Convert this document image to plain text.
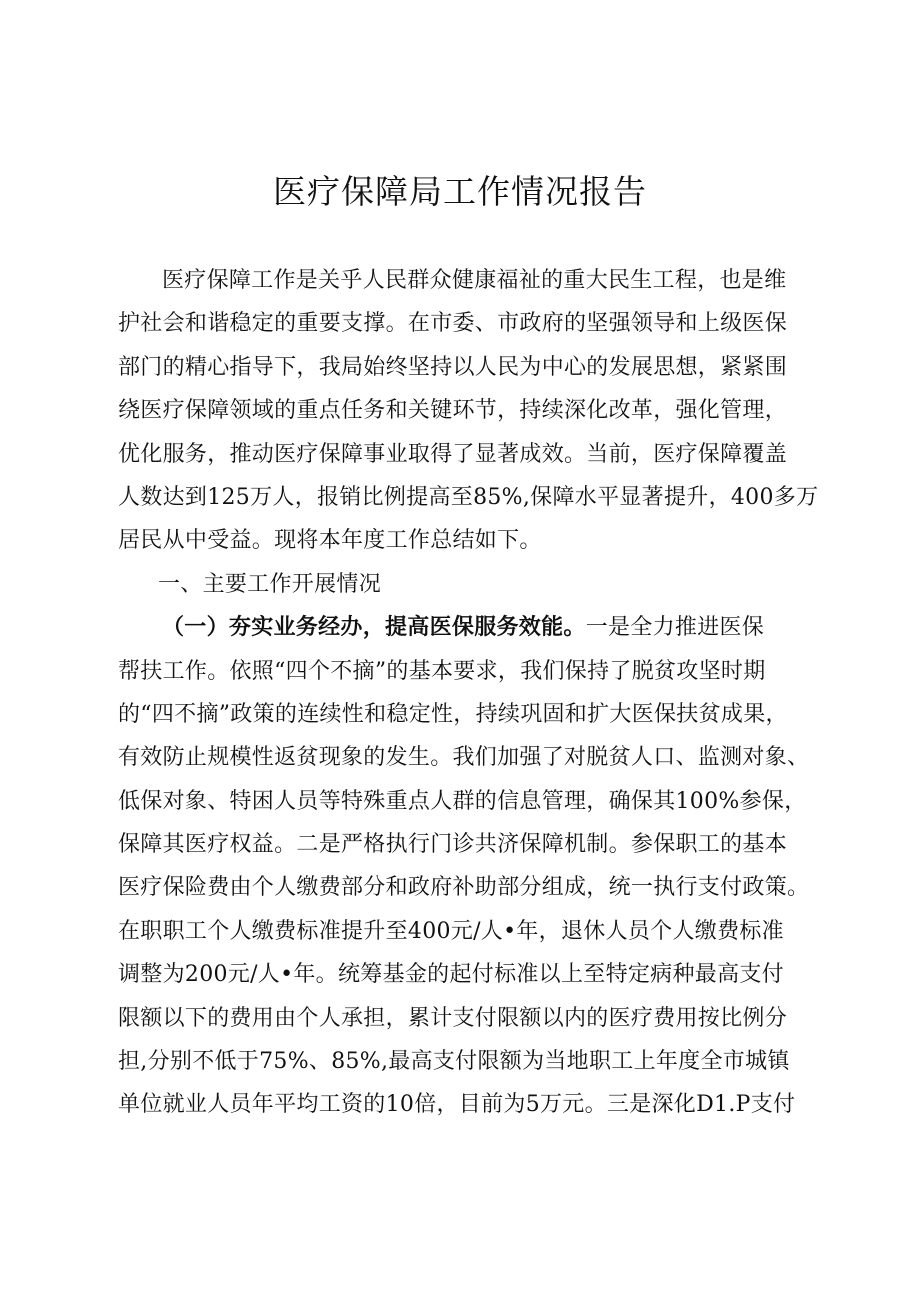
医疗保障局工作情况报告
医疗保障工作是关乎人民群众健康福祉的重大民生工程，也是维
护社会和谐稳定的重要支撑。在市委、市政府的坚强领导和上级医保
部门的精心指导下，我局始终坚持以人民为中心的发展思想，紧紧围
绕医疗保障领域的重点任务和关键环节，持续深化改革，强化管理，
优化服务，推动医疗保障事业取得了显著成效。当前，医疗保障覆盖
人数达到125万人，报销比例提高至85%,保障水平显著提升，400多万
居民从中受益。现将本年度工作总结如下。
一、主要工作开展情况
（一）夯实业务经办，提高医保服务效能。一是全力推进医保
帮扶工作。依照“四个不摘”的基本要求，我们保持了脱贫攻坚时期
的“四不摘”政策的连续性和稳定性，持续巩固和扩大医保扶贫成果，
有效防止规模性返贫现象的发生。我们加强了对脱贫人口、监测对象、
低保对象、特困人员等特殊重点人群的信息管理，确保其100%参保，
保障其医疗权益。二是严格执行门诊共济保障机制。参保职工的基本
医疗保险费由个人缴费部分和政府补助部分组成，统一执行支付政策。
在职职工个人缴费标准提升至400元/人•年，退休人员个人缴费标准
调整为200元/人•年。统筹基金的起付标准以上至特定病种最高支付
限额以下的费用由个人承担，累计支付限额以内的医疗费用按比例分
担,分别不低于75%、85%,最高支付限额为当地职工上年度全市城镇
单位就业人员年平均工资的10倍，目前为5万元。三是深化D1.P支付
